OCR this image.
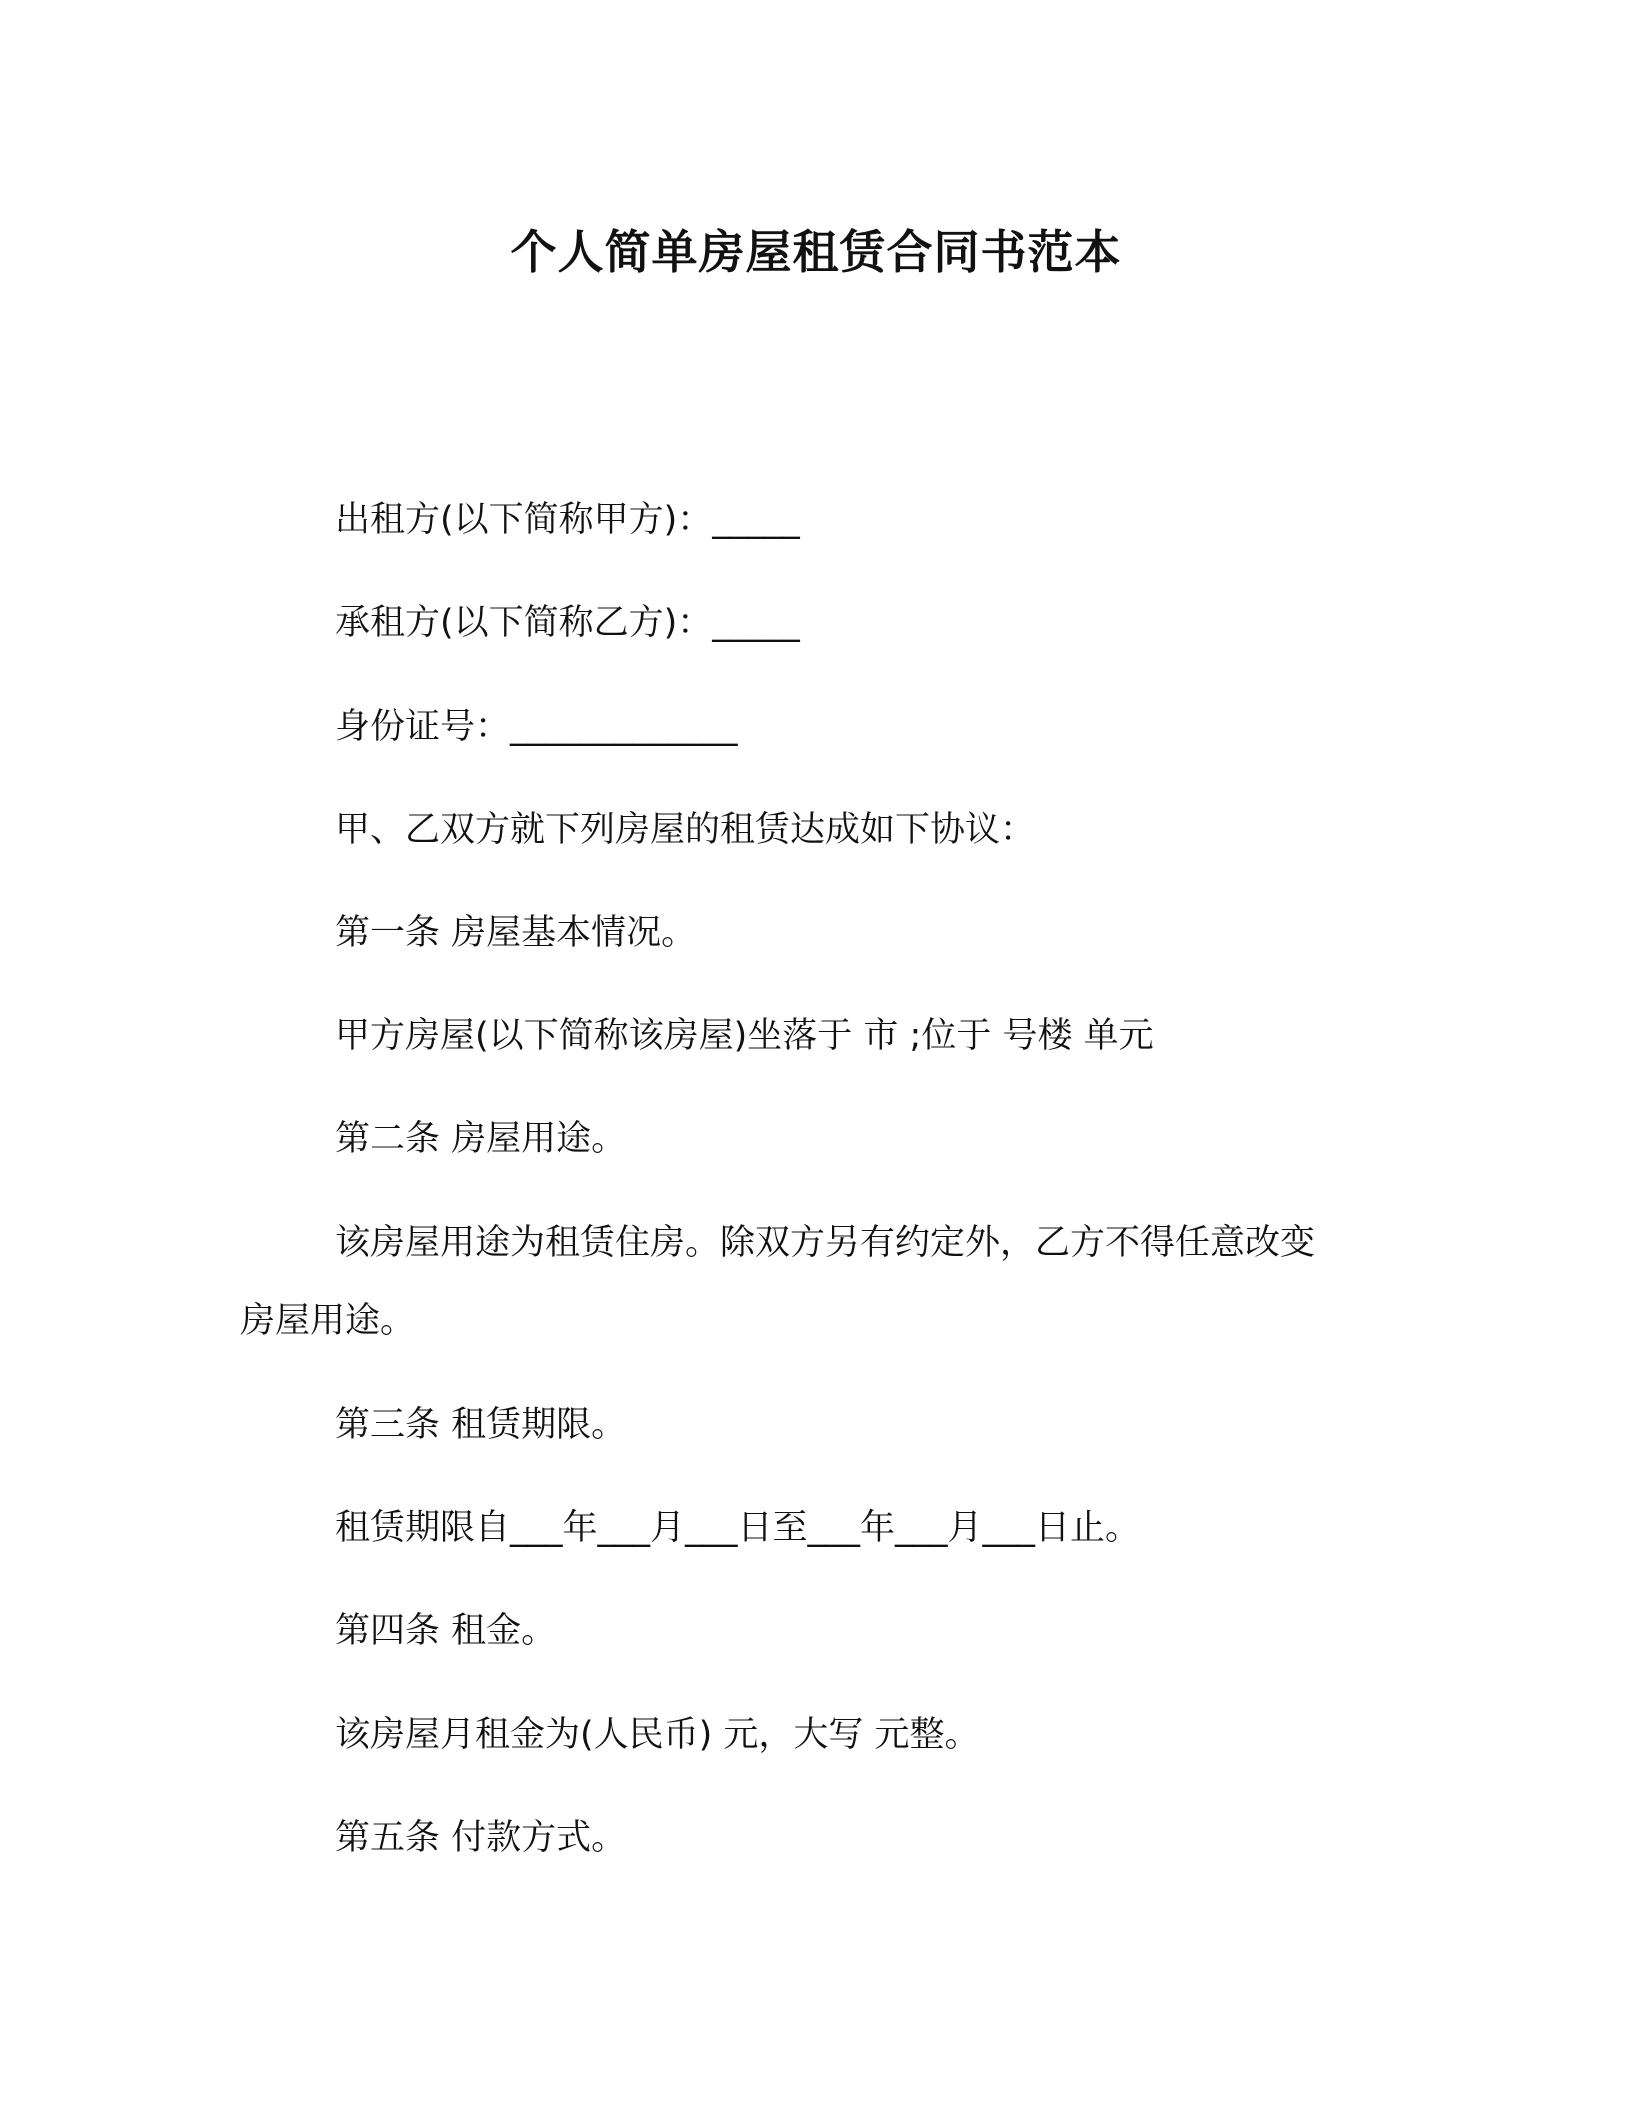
个人简单房屋租赁合同书范本
出租方(以下简称甲方)：_____
承租方(以下简称乙方)：_____
身份证号：_____________
甲、乙双方就下列房屋的租赁达成如下协议：
第一条 房屋基本情况。
甲方房屋(以下简称该房屋)坐落于 市 ;位于 号楼 单元
第二条 房屋用途。
该房屋用途为租赁住房。除双方另有约定外，乙方不得任意改变
房屋用途。
第三条 租赁期限。
租赁期限自___年___月___日至___年___月___日止。
第四条 租金。
该房屋月租金为(人民币) 元，大写 元整。
第五条 付款方式。
